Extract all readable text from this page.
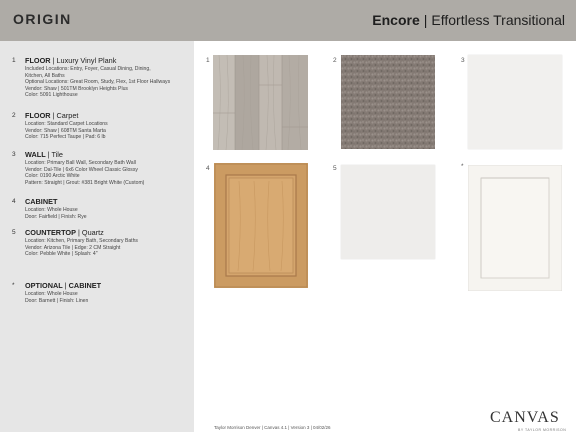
ORIGIN	Encore | Effortless Transitional
1 FLOOR | Luxury Vinyl Plank
Included Locations: Entry, Foyer, Casual Dining, Dining,
Kitchen, All Baths
Optional Locations: Great Room, Study, Flex, 1st Floor Hallways
Vendor: Shaw | 501TM Brooklyn Heights Plus
Color: 5091 Lighthouse
2 FLOOR | Carpet
Location: Standard Carpet Locations
Vendor: Shaw | 608TM Santa Marta
Color: 715 Perfect Taupe | Pad: 6 lb
3 WALL | Tile
Location: Primary Ball Wall, Secondary Bath Wall
Vendor: Dal-Tile | 6x6 Color Wheel Classic Glossy
Color: 0190 Arctic White
Pattern: Straight | Grout: #381 Bright White (Custom)
4 CABINET
Location: Whole House
Door: Fairfield | Finish: Rye
5 COUNTERTOP | Quartz
Location: Kitchen, Primary Bath, Secondary Baths
Vendor: Arizona Tile | Edge: 2 CM Straight
Color: Pebble White | Splash: 4"
* OPTIONAL | CABINET
Location: Whole House
Door: Barnett | Finish: Linen
1	2	3
4	5	*
Taylor Morrison Denver | Canvas 4.1 | Version 3 | 04/02/26
CANVAS
BY TAYLOR MORRISON
